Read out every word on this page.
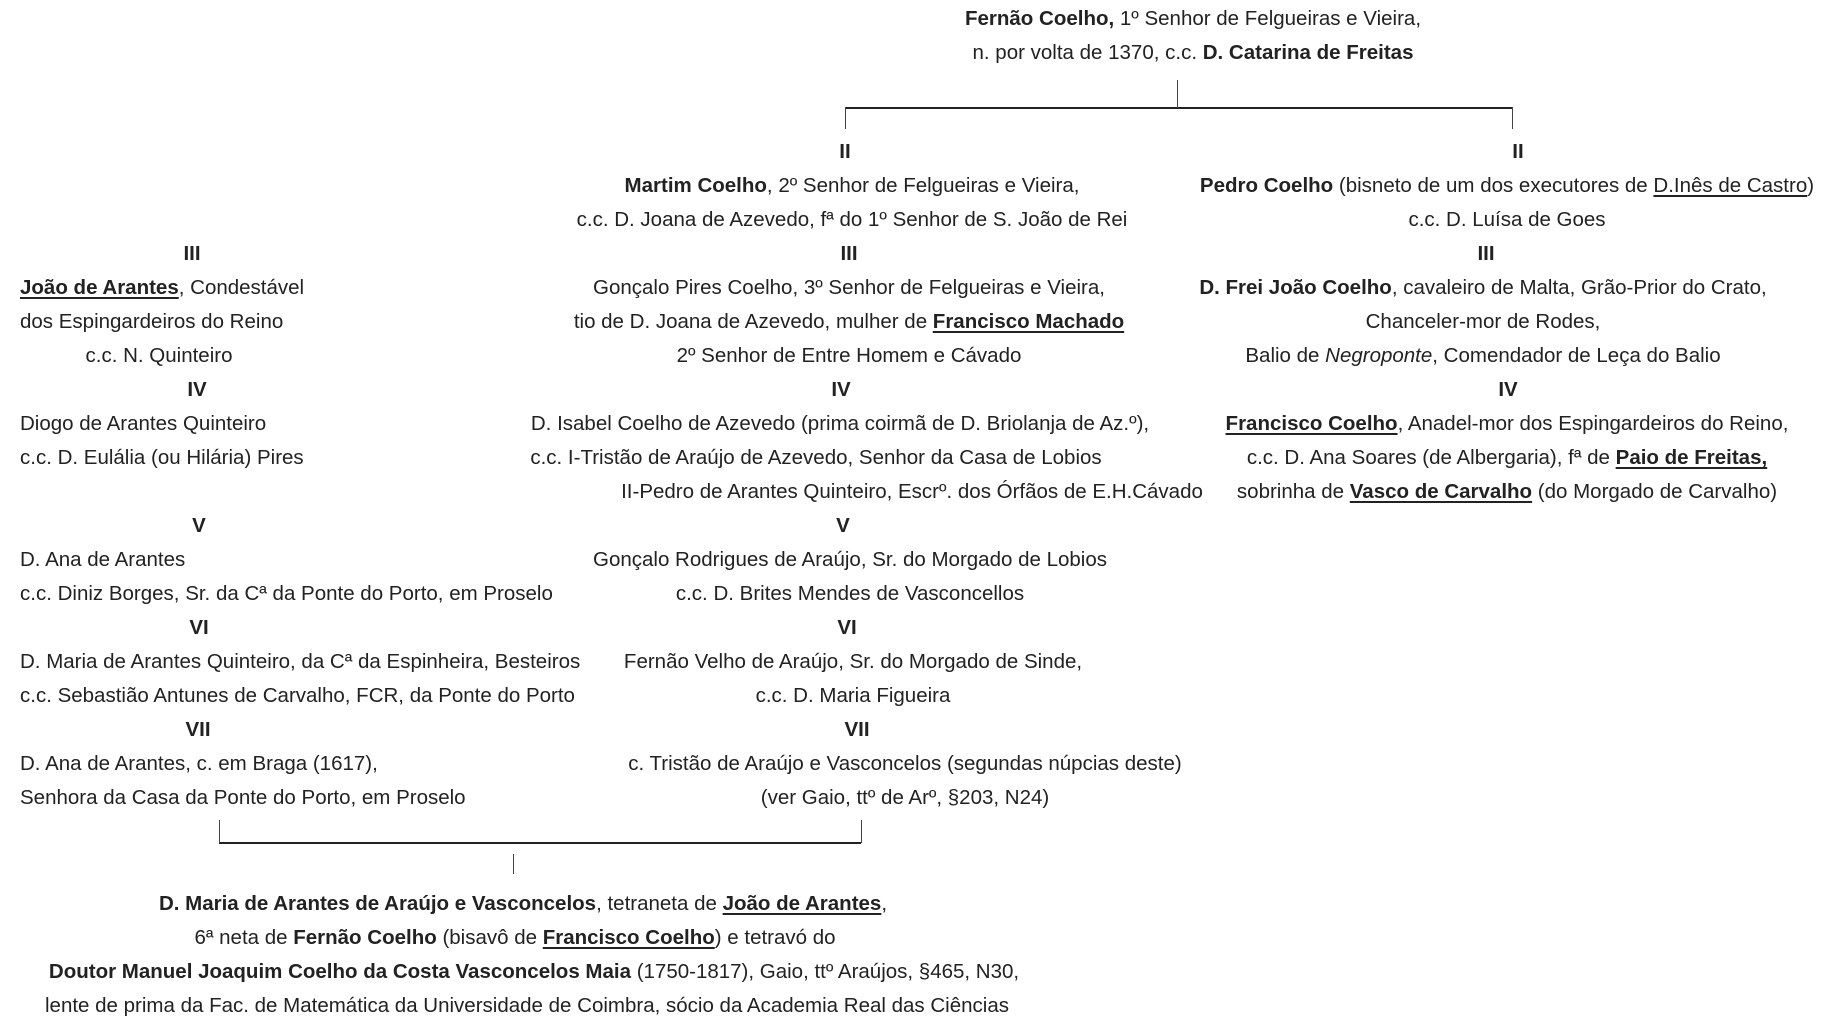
Fernão Coelho, 1º Senhor de Felgueiras e Vieira,
n. por volta de 1370, c.c. D. Catarina de Freitas
II
Martim Coelho, 2º Senhor de Felgueiras e Vieira,
c.c. D. Joana de Azevedo, fª do 1º Senhor de S. João de Rei
III
Gonçalo Pires Coelho, 3º Senhor de Felgueiras e Vieira,
tio de D. Joana de Azevedo, mulher de Francisco Machado
2º Senhor de Entre Homem e Cávado
IV
D. Isabel Coelho de Azevedo (prima coirmã de D. Briolanja de Az.º),
c.c. I-Tristão de Araújo de Azevedo, Senhor da Casa de Lobios
II-Pedro de Arantes Quinteiro, Escrº. dos Órfãos de E.H.Cávado
V
Gonçalo Rodrigues de Araújo, Sr. do Morgado de Lobios
c.c. D. Brites Mendes de Vasconcellos
VI
Fernão Velho de Araújo, Sr. do Morgado de Sinde,
c.c. D. Maria Figueira
VII
c. Tristão de Araújo e Vasconcelos (segundas núpcias deste)
(ver Gaio, ttº de Arº, §203, N24)
II
Pedro Coelho (bisneto de um dos executores de D.Inês de Castro)
c.c. D. Luísa de Goes
III
D. Frei João Coelho, cavaleiro de Malta, Grão-Prior do Crato,
Chanceler-mor de Rodes,
Balio de Negroponte, Comendador de Leça do Balio
IV
Francisco Coelho, Anadel-mor dos Espingardeiros do Reino,
c.c. D. Ana Soares (de Albergaria), fª de Paio de Freitas,
sobrinha de Vasco de Carvalho (do Morgado de Carvalho)
III
João de Arantes, Condestável
dos Espingardeiros do Reino
c.c. N. Quinteiro
IV
Diogo de Arantes Quinteiro
c.c. D. Eulália (ou Hilária) Pires
V
D. Ana de Arantes
c.c. Diniz Borges, Sr. da Cª da Ponte do Porto, em Proselo
VI
D. Maria de Arantes Quinteiro, da Cª da Espinheira, Besteiros
c.c. Sebastião Antunes de Carvalho, FCR, da Ponte do Porto
VII
D. Ana de Arantes, c. em Braga (1617),
Senhora da Casa da Ponte do Porto, em Proselo
D. Maria de Arantes de Araújo e Vasconcelos, tetraneta de João de Arantes,
6ª neta de Fernão Coelho (bisavô de Francisco Coelho) e tetravó do
Doutor Manuel Joaquim Coelho da Costa Vasconcelos Maia (1750-1817), Gaio, ttº Araújos, §465, N30,
lente de prima da Fac. de Matemática da Universidade de Coimbra, sócio da Academia Real das Ciências
